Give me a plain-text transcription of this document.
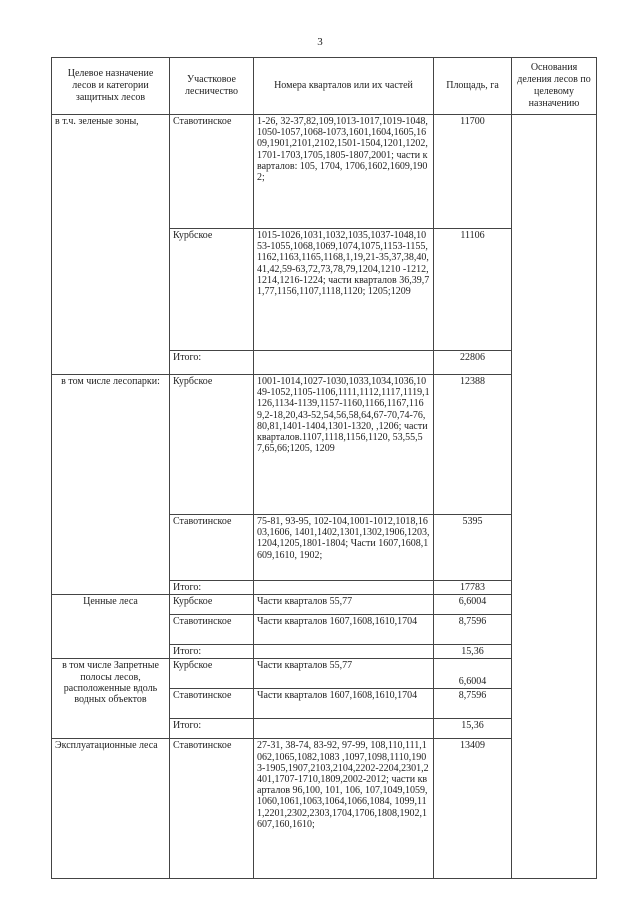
3
Целевое назначение лесов и категории защитных лесов	Участковое лесничество	Номера кварталов или их частей	Площадь, га	Основания деления лесов по целевому назначению
в т.ч. зеленые зоны,	Ставотинское	1-26, 32-37,82,109,1013-1017,1019-1048,1050-1057,1068-1073,1601,1604,1605,1609,1901,2101,2102,1501-1504,1201,1202,1701-1703,1705,1805-1807,2001; части кварталов: 105, 1704, 1706,1602,1609,1902;	11700	
	Курбское	1015-1026,1031,1032,1035,1037-1048,1053-1055,1068,1069,1074,1075,1153-1155,1162,1163,1165,1168,1,19,21-35,37,38,40,41,42,59-63,72,73,78,79,1204,1210 -1212,1214,1216-1224; части кварталов 36,39,71,77,1156,1107,1118,1120; 1205;1209	11106	
	Итого:		22806	
в том числе лесопарки:	Курбское	1001-1014,1027-1030,1033,1034,1036,1049-1052,1105-1106,1111,1112,1117,1119,1126,1134-1139,1157-1160,1166,1167,1169,2-18,20,43-52,54,56,58,64,67-70,74-76,80,81,1401-1404,1301-1320, ,1206; части кварталов.1107,1118,1156,1120, 53,55,57,65,66;1205, 1209	12388	
	Ставотинское	75-81, 93-95, 102-104,1001-1012,1018,1603,1606, 1401,1402,1301,1302,1906,1203,1204,1205,1801-1804; Части 1607,1608,1609,1610, 1902;	5395	
	Итого:		17783	
Ценные леса	Курбское	Части кварталов 55,77	6,6004	
	Ставотинское	Части кварталов 1607,1608,1610,1704	8,7596	
	Итого:		15,36	
в том числе Запретные полосы лесов, расположенные вдоль водных объектов	Курбское	Части кварталов 55,77	6,6004	
	Ставотинское	Части кварталов 1607,1608,1610,1704	8,7596	
	Итого:		15,36	
Эксплуатационные леса	Ставотинское	27-31, 38-74, 83-92, 97-99, 108,110,111,1062,1065,1082,1083 ,1097,1098,1110,1903-1905,1907,2103,2104,2202-2204,2301,2401,1707-1710,1809,2002-2012; части кварталов 96,100, 101, 106, 107,1049,1059,1060,1061,1063,1064,1066,1084, 1099,111,2201,2302,2303,1704,1706,1808,1902,1607,160,1610;	13409	
